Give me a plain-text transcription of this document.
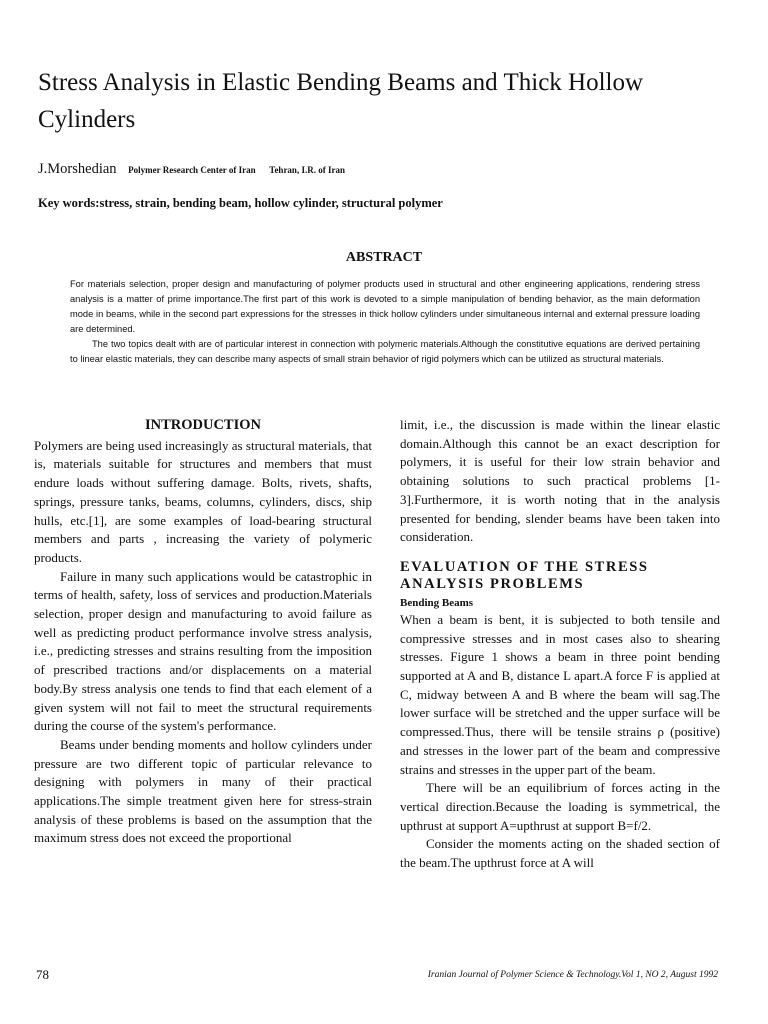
Stress Analysis in Elastic Bending Beams and Thick Hollow Cylinders
J.Morshedian Polymer Research Center of Iran Tehran, I.R. of Iran
Key words:stress, strain, bending beam, hollow cylinder, structural polymer
ABSTRACT

For materials selection, proper design and manufacturing of polymer products used in structural and other engineering applications, rendering stress analysis is a matter of prime importance.The first part of this work is devoted to a simple manipulation of bending behavior, as the main deformation mode in beams, while in the second part expressions for the stresses in thick hollow cylinders under simultaneous internal and external pressure loading are determined.

The two topics dealt with are of particular interest in connection with polymeric materials.Although the constitutive equations are derived pertaining to linear elastic materials, they can describe many aspects of small strain behavior of rigid polymers which can be utilized as structural materials.

INTRODUCTION

Polymers are being used increasingly as structural materials, that is, materials suitable for structures and members that must endure loads without suffering damage. Bolts, rivets, shafts, springs, pressure tanks, beams, columns, cylinders, discs, ship hulls, etc.[1], are some examples of load-bearing structural members and parts , increasing the variety of polymeric products.

Failure in many such applications would be catastrophic in terms of health, safety, loss of services and production.Materials selection, proper design and manufacturing to avoid failure as well as predicting product performance involve stress analysis, i.e., predicting stresses and strains resulting from the imposition of prescribed tractions and/or displacements on a material body.By stress analysis one tends to find that each element of a given system will not fail to meet the structural requirements during the course of the system's performance.

Beams under bending moments and hollow cylinders under pressure are two different topic of particular relevance to designing with polymers in many of their practical applications.The simple treatment given here for stress-strain analysis of these problems is based on the assumption that the maximum stress does not exceed the proportional

limit, i.e., the discussion is made within the linear elastic domain.Although this cannot be an exact description for polymers, it is useful for their low strain behavior and obtaining solutions to such practical problems [1-3].Furthermore, it is worth noting that in the analysis presented for bending, slender beams have been taken into consideration.

EVALUATION OF THE STRESS ANALYSIS PROBLEMS
Bending Beams

When a beam is bent, it is subjected to both tensile and compressive stresses and in most cases also to shearing stresses. Figure 1 shows a beam in three point bending supported at A and B, distance L apart.A force F is applied at C, midway between A and B where the beam will sag.The lower surface will be stretched and the upper surface will be compressed.Thus, there will be tensile strains ρ (positive) and stresses in the lower part of the beam and compressive strains and stresses in the upper part of the beam.

There will be an equilibrium of forces acting in the vertical direction.Because the loading is symmetrical, the upthrust at support A=upthrust at support B=f/2.

Consider the moments acting on the shaded section of the beam.The upthrust force at A will

78	Iranian Journal of Polymer Science & Technology.Vol 1, NO 2, August 1992
